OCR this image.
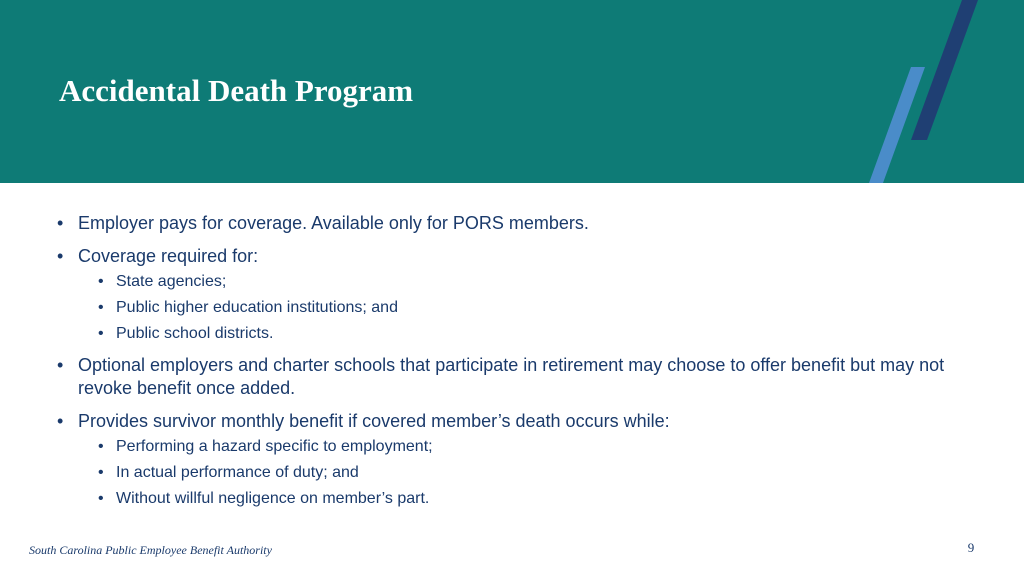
Accidental Death Program
• Employer pays for coverage. Available only for PORS members.
• Coverage required for:
• State agencies;
• Public higher education institutions; and
• Public school districts.
• Optional employers and charter schools that participate in retirement may choose to offer benefit but may not revoke benefit once added.
• Provides survivor monthly benefit if covered member’s death occurs while:
• Performing a hazard specific to employment;
• In actual performance of duty; and
• Without willful negligence on member’s part.
South Carolina Public Employee Benefit Authority	9
